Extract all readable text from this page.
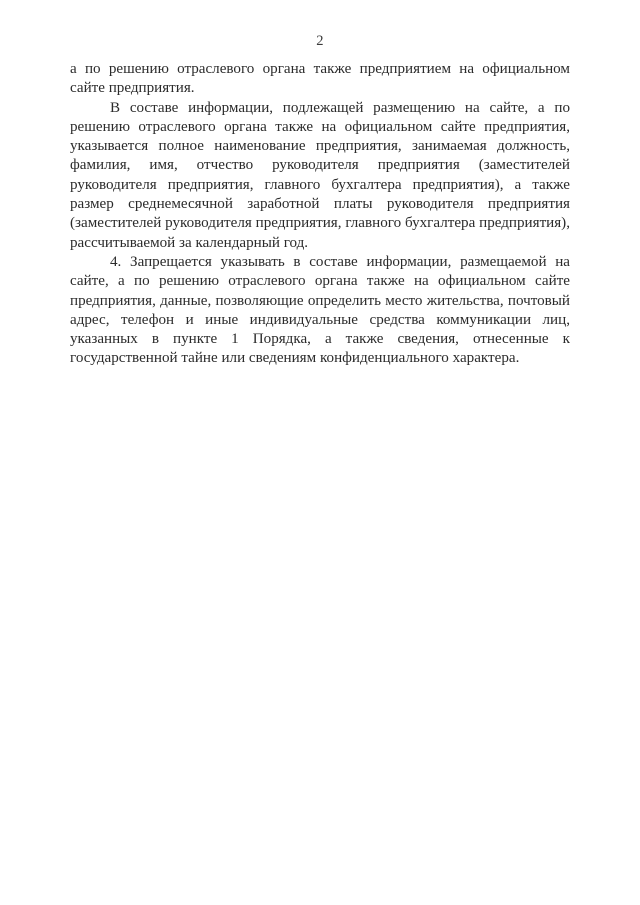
2

а по решению отраслевого органа также предприятием на официальном сайте предприятия.

В составе информации, подлежащей размещению на сайте, а по решению отраслевого органа также на официальном сайте предприятия, указывается полное наименование предприятия, занимаемая должность, фамилия, имя, отчество руководителя предприятия (заместителей руководителя предприятия, главного бухгалтера предприятия), а также размер среднемесячной заработной платы руководителя предприятия (заместителей руководителя предприятия, главного бухгалтера предприятия), рассчитываемой за календарный год.

4. Запрещается указывать в составе информации, размещаемой на сайте, а по решению отраслевого органа также на официальном сайте предприятия, данные, позволяющие определить место жительства, почтовый адрес, телефон и иные индивидуальные средства коммуникации лиц, указанных в пункте 1 Порядка, а также сведения, отнесенные к государственной тайне или сведениям конфиденциального характера.
